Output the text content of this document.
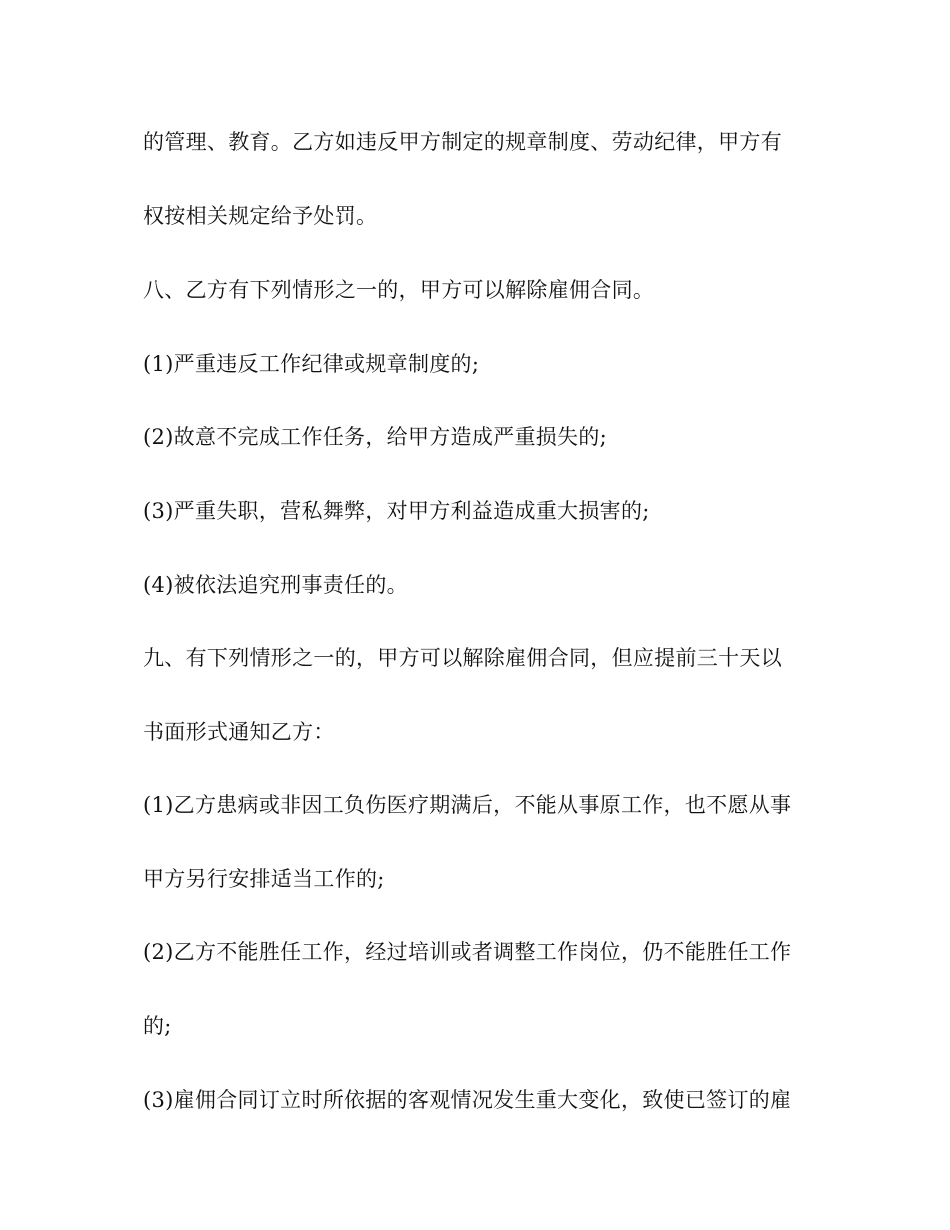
的管理、教育。乙方如违反甲方制定的规章制度、劳动纪律，甲方有

权按相关规定给予处罚。

八、乙方有下列情形之一的，甲方可以解除雇佣合同。

(1)严重违反工作纪律或规章制度的;

(2)故意不完成工作任务，给甲方造成严重损失的;

(3)严重失职，营私舞弊，对甲方利益造成重大损害的;

(4)被依法追究刑事责任的。

九、有下列情形之一的，甲方可以解除雇佣合同，但应提前三十天以

书面形式通知乙方：

(1)乙方患病或非因工负伤医疗期满后，不能从事原工作，也不愿从事

甲方另行安排适当工作的;

(2)乙方不能胜任工作，经过培训或者调整工作岗位，仍不能胜任工作

的;

(3)雇佣合同订立时所依据的客观情况发生重大变化，致使已签订的雇
